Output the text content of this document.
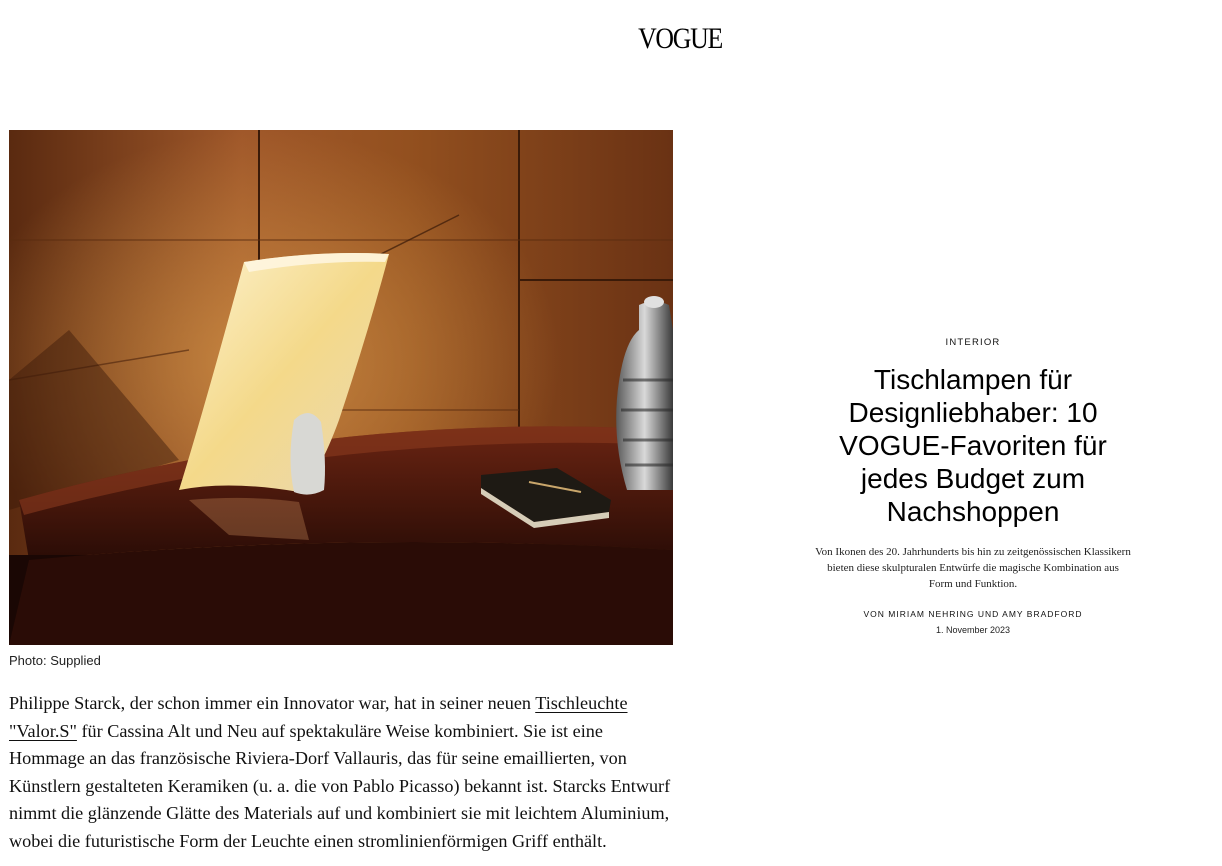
VOGUE
Photo: Supplied
Philippe Starck, der schon immer ein Innovator war, hat in seiner neuen Tischleuchte "Valor.S" für Cassina Alt und Neu auf spektakuläre Weise kombiniert. Sie ist eine Hommage an das französische Riviera-Dorf Vallauris, das für seine emaillierten, von Künstlern gestalteten Keramiken (u. a. die von Pablo Picasso) bekannt ist. Starcks Entwurf nimmt die glänzende Glätte des Materials auf und kombiniert sie mit leichtem Aluminium, wobei die futuristische Form der Leuchte einen stromlinienförmigen Griff enthält.
INTERIOR
Tischlampen für Designliebhaber: 10 VOGUE-Favoriten für jedes Budget zum Nachshoppen
Von Ikonen des 20. Jahrhunderts bis hin zu zeitgenössischen Klassikern bieten diese skulpturalen Entwürfe die magische Kombination aus Form und Funktion.
VON MIRIAM NEHRING UND AMY BRADFORD
1. November 2023
